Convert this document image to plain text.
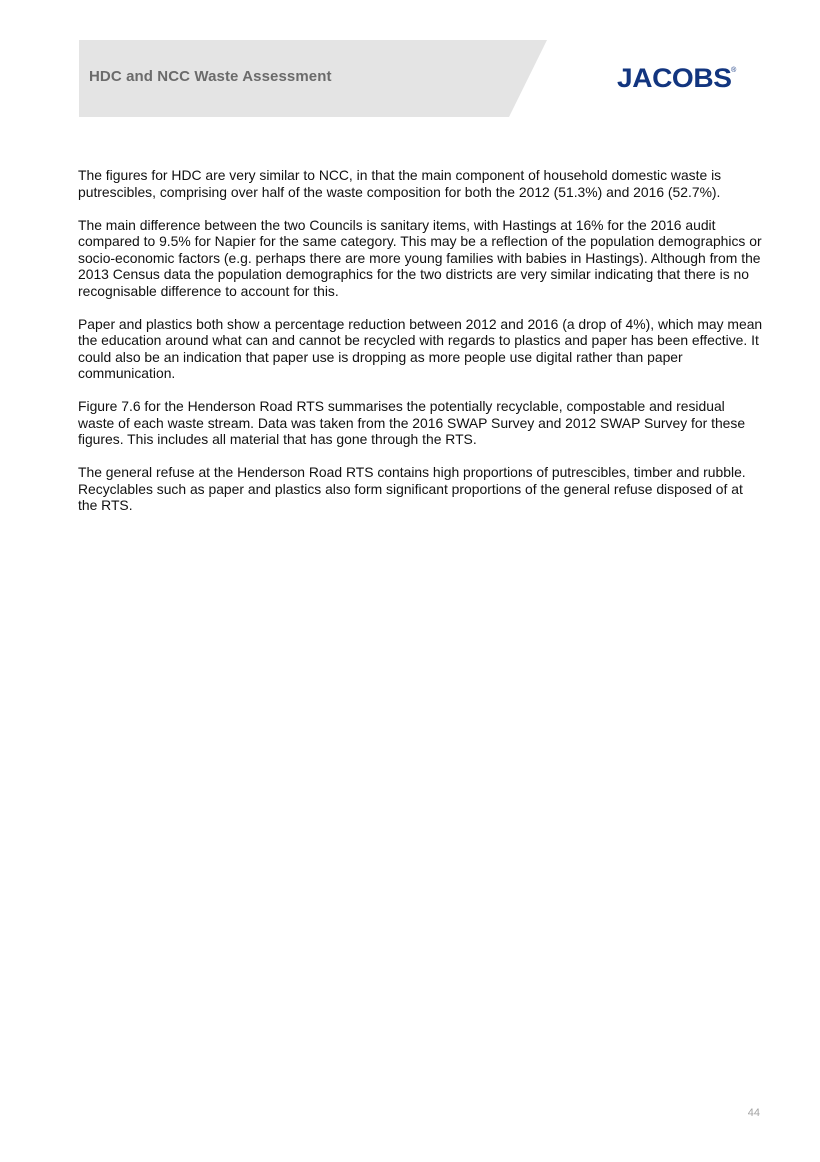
HDC and NCC Waste Assessment	JACOBS ®

The figures for HDC are very similar to NCC, in that the main component of household domestic waste is putrescibles, comprising over half of the waste composition for both the 2012 (51.3%) and 2016 (52.7%).

The main difference between the two Councils is sanitary items, with Hastings at 16% for the 2016 audit compared to 9.5% for Napier for the same category. This may be a reflection of the population demographics or socio-economic factors (e.g. perhaps there are more young families with babies in Hastings). Although from the 2013 Census data the population demographics for the two districts are very similar indicating that there is no recognisable difference to account for this.

Paper and plastics both show a percentage reduction between 2012 and 2016 (a drop of 4%), which may mean the education around what can and cannot be recycled with regards to plastics and paper has been effective. It could also be an indication that paper use is dropping as more people use digital rather than paper communication.

Figure 7.6 for the Henderson Road RTS summarises the potentially recyclable, compostable and residual waste of each waste stream. Data was taken from the 2016 SWAP Survey and 2012 SWAP Survey for these figures. This includes all material that has gone through the RTS.

The general refuse at the Henderson Road RTS contains high proportions of putrescibles, timber and rubble. Recyclables such as paper and plastics also form significant proportions of the general refuse disposed of at the RTS.

44
